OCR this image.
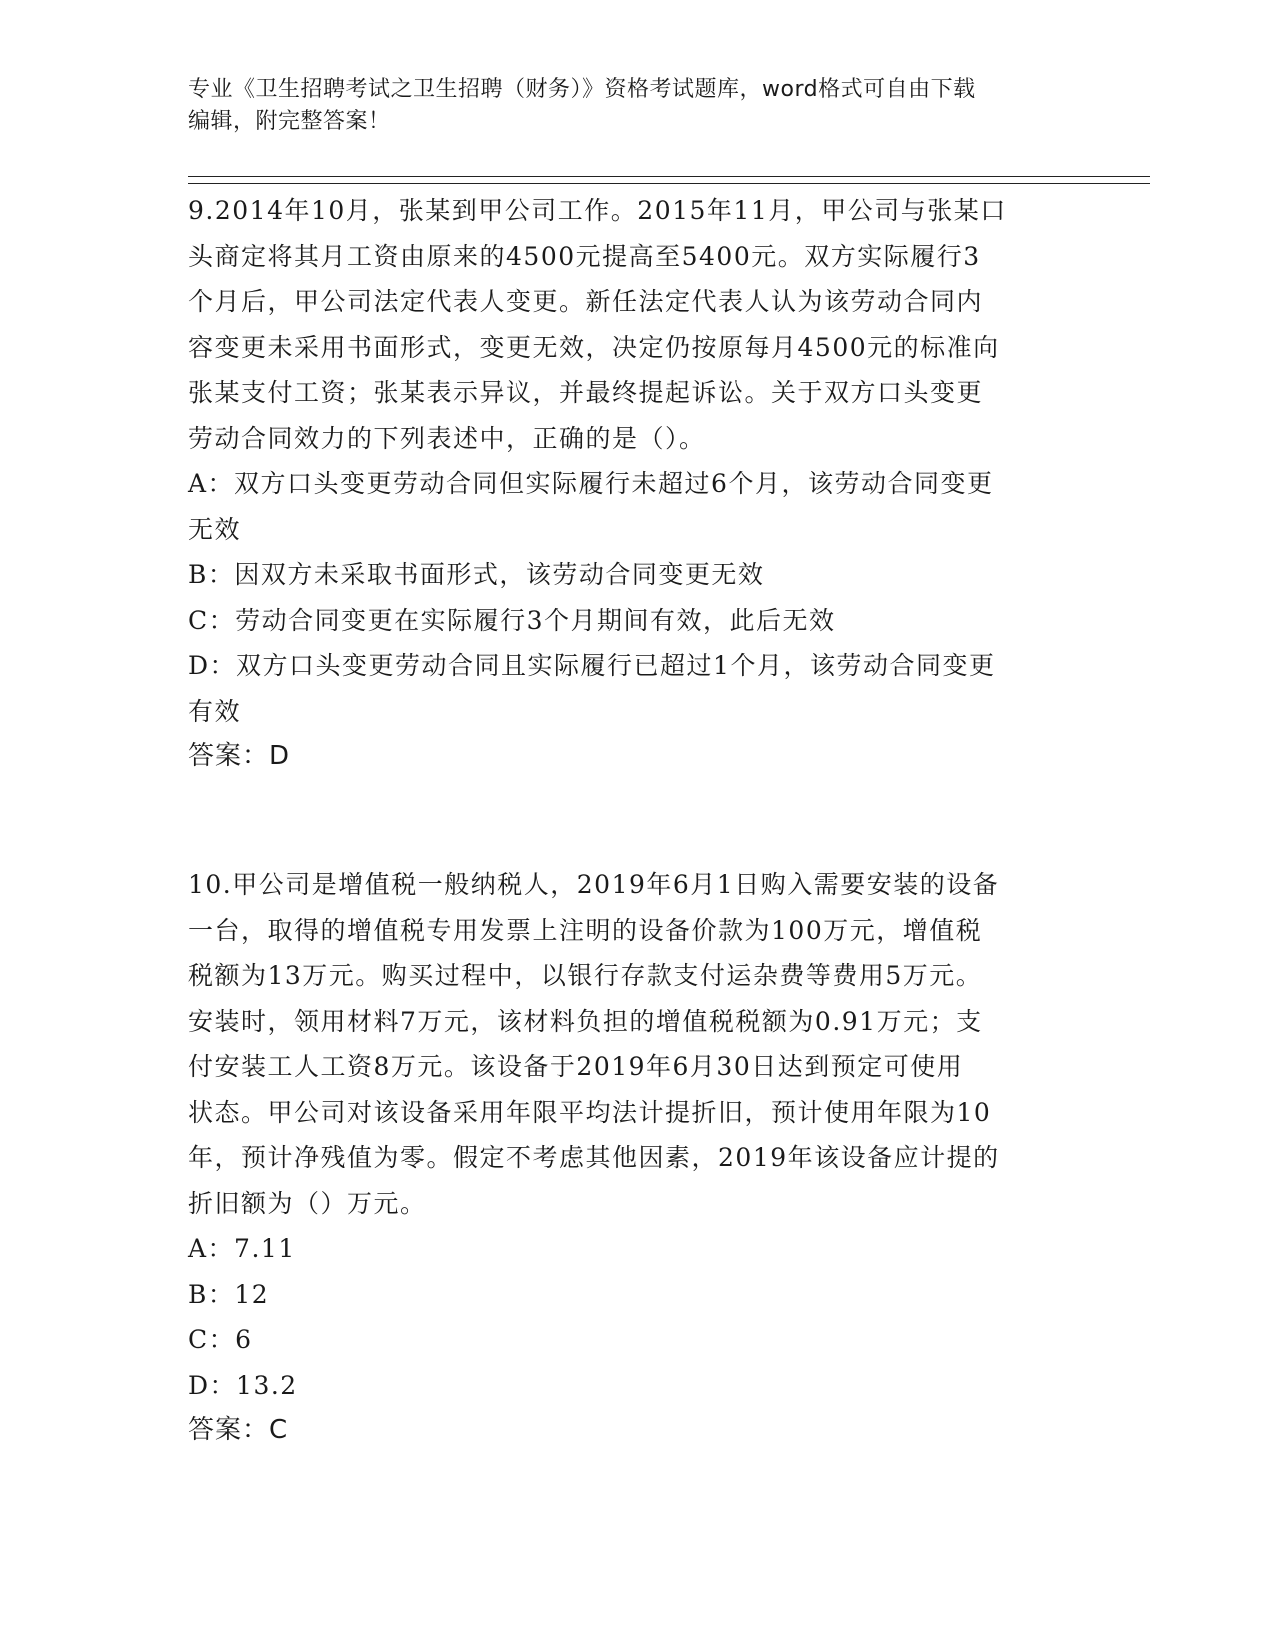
专业《卫生招聘考试之卫生招聘（财务）》资格考试题库，word格式可自由下载

编辑，附完整答案！

9.2014年10月，张某到甲公司工作。2015年11月，甲公司与张某口

头商定将其月工资由原来的4500元提高至5400元。双方实际履行3

个月后，甲公司法定代表人变更。新任法定代表人认为该劳动合同内

容变更未采用书面形式，变更无效，决定仍按原每月4500元的标准向

张某支付工资；张某表示异议，并最终提起诉讼。关于双方口头变更

劳动合同效力的下列表述中，正确的是（）。

A：双方口头变更劳动合同但实际履行未超过6个月，该劳动合同变更

无效

B：因双方未采取书面形式，该劳动合同变更无效

C：劳动合同变更在实际履行3个月期间有效，此后无效

D：双方口头变更劳动合同且实际履行已超过1个月，该劳动合同变更

有效

答案：D

10.甲公司是增值税一般纳税人，2019年6月1日购入需要安装的设备

一台，取得的增值税专用发票上注明的设备价款为100万元，增值税

税额为13万元。购买过程中，以银行存款支付运杂费等费用5万元。

安装时，领用材料7万元，该材料负担的增值税税额为0.91万元；支

付安装工人工资8万元。该设备于2019年6月30日达到预定可使用

状态。甲公司对该设备采用年限平均法计提折旧，预计使用年限为10

年，预计净残值为零。假定不考虑其他因素，2019年该设备应计提的

折旧额为（）万元。

A：7.11

B：12

C：6

D：13.2

答案：C
